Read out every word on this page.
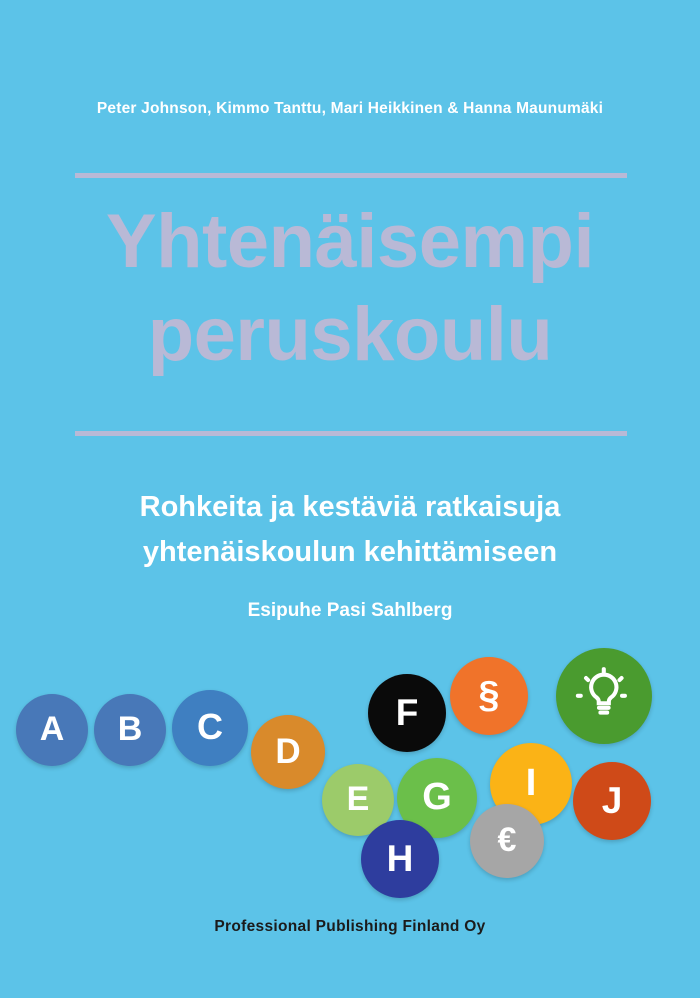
Peter Johnson, Kimmo Tanttu, Mari Heikkinen & Hanna Maunumäki
Yhtenäisempi
peruskoulu
Rohkeita ja kestäviä ratkaisuja
yhtenäiskoulun kehittämiseen
Esipuhe Pasi Sahlberg
A B C
D
E
F
G
H
§
I
€
J
Professional Publishing Finland Oy
